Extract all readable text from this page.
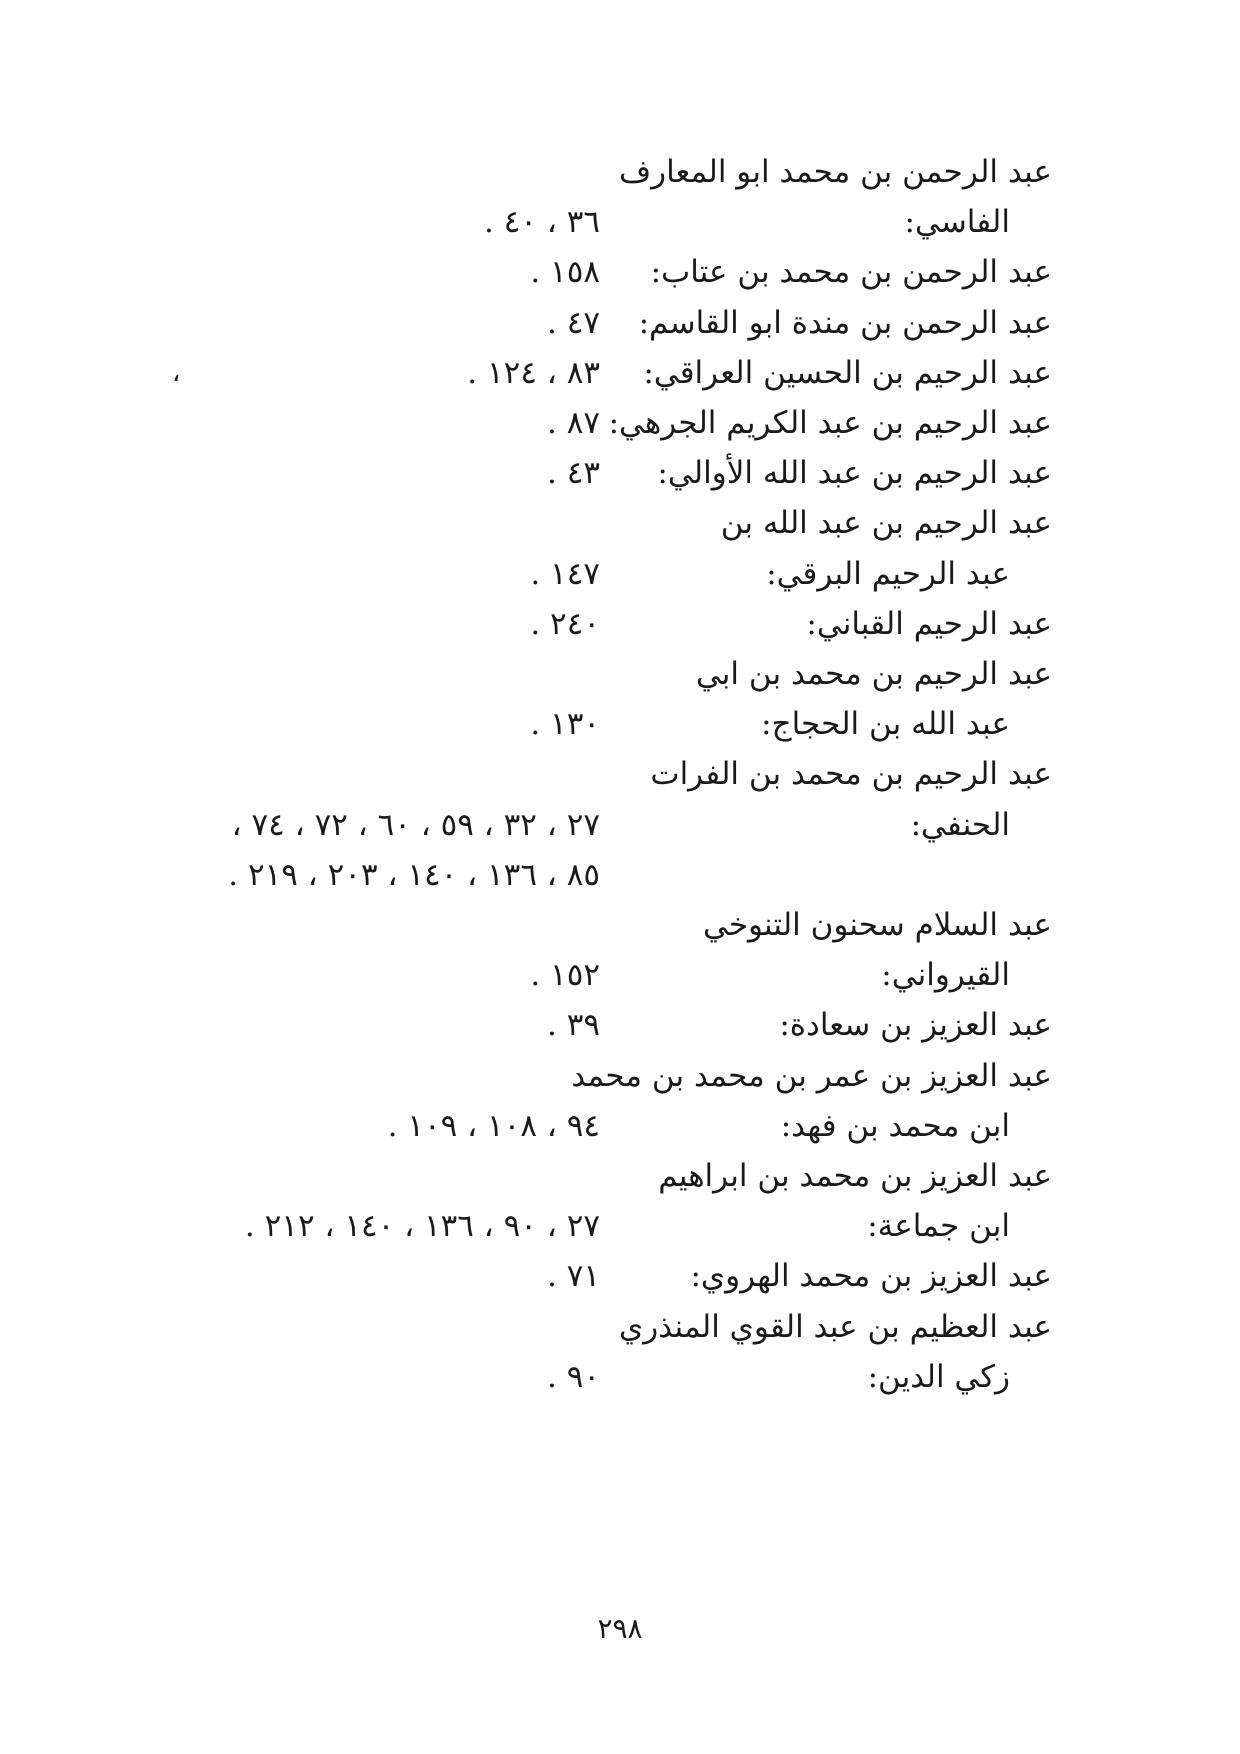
عبد الرحمن بن محمد ابو المعارف
الفاسي:
٣٦ ، ٤٠ .
عبد الرحمن بن محمد بن عتاب:
١٥٨ .
عبد الرحمن بن مندة ابو القاسم:
٤٧ .
عبد الرحيم بن الحسين العراقي:
٨٣ ، ١٢٤ .
عبد الرحيم بن عبد الكريم الجرهي:
٨٧ .
عبد الرحيم بن عبد الله الأوالي:
٤٣ .
عبد الرحيم بن عبد الله بن
عبد الرحيم البرقي:
١٤٧ .
عبد الرحيم القباني:
٢٤٠ .
عبد الرحيم بن محمد بن ابي
عبد الله بن الحجاج:
١٣٠ .
عبد الرحيم بن محمد بن الفرات
الحنفي:
٢٧ ، ٣٢ ، ٥٩ ، ٦٠ ، ٧٢ ، ٧٤ ،
٨٥ ، ١٣٦ ، ١٤٠ ، ٢٠٣ ، ٢١٩ .
عبد السلام سحنون التنوخي
القيرواني:
١٥٢ .
عبد العزيز بن سعادة:
٣٩ .
عبد العزيز بن عمر بن محمد بن محمد
ابن محمد بن فهد:
٩٤ ، ١٠٨ ، ١٠٩ .
عبد العزيز بن محمد بن ابراهيم
ابن جماعة:
٢٧ ، ٩٠ ، ١٣٦ ، ١٤٠ ، ٢١٢ .
عبد العزيز بن محمد الهروي:
٧١ .
عبد العظيم بن عبد القوي المنذري
زكي الدين:
٩٠ .
،
٢٩٨
